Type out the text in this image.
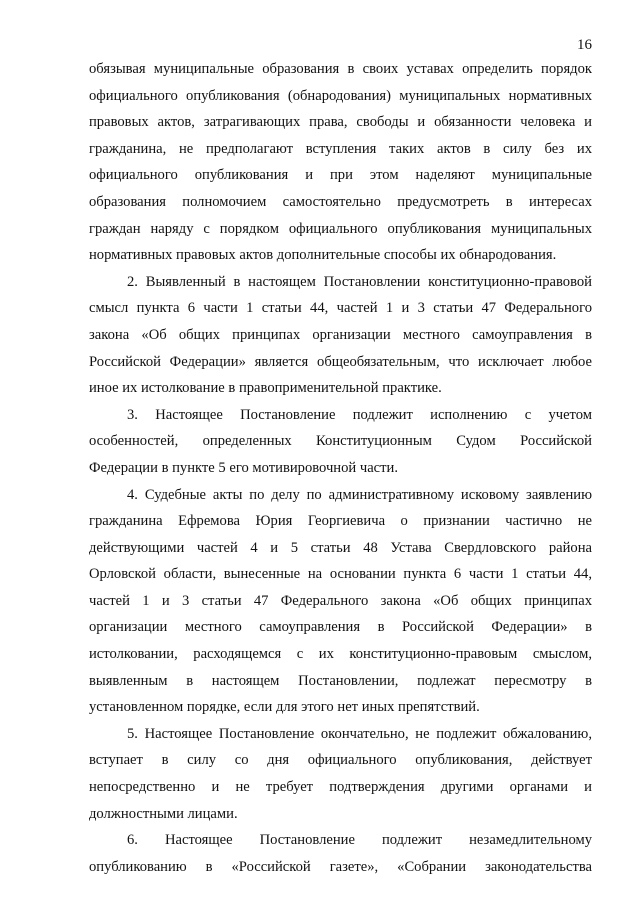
16
обязывая муниципальные образования в своих уставах определить порядок
официального опубликования (обнародования) муниципальных нормативных
правовых актов, затрагивающих права, свободы и обязанности человека и
гражданина, не предполагают вступления таких актов в силу без их
официального опубликования и при этом наделяют муниципальные
образования полномочием самостоятельно предусмотреть в интересах
граждан наряду с порядком официального опубликования муниципальных
нормативных правовых актов дополнительные способы их обнародования.
2. Выявленный в настоящем Постановлении конституционно-правовой
смысл пункта 6 части 1 статьи 44, частей 1 и 3 статьи 47 Федерального
закона «Об общих принципах организации местного самоуправления в
Российской Федерации» является общеобязательным, что исключает любое
иное их истолкование в правоприменительной практике.
3. Настоящее Постановление подлежит исполнению с учетом
особенностей, определенных Конституционным Судом Российской
Федерации в пункте 5 его мотивировочной части.
4. Судебные акты по делу по административному исковому заявлению
гражданина Ефремова Юрия Георгиевича о признании частично не
действующими частей 4 и 5 статьи 48 Устава Свердловского района
Орловской области, вынесенные на основании пункта 6 части 1 статьи 44,
частей 1 и 3 статьи 47 Федерального закона «Об общих принципах
организации местного самоуправления в Российской Федерации» в
истолковании, расходящемся с их конституционно-правовым смыслом,
выявленным в настоящем Постановлении, подлежат пересмотру в
установленном порядке, если для этого нет иных препятствий.
5. Настоящее Постановление окончательно, не подлежит обжалованию,
вступает в силу со дня официального опубликования, действует
непосредственно и не требует подтверждения другими органами и
должностными лицами.
6. Настоящее Постановление подлежит незамедлительному
опубликованию в «Российской газете», «Собрании законодательства
